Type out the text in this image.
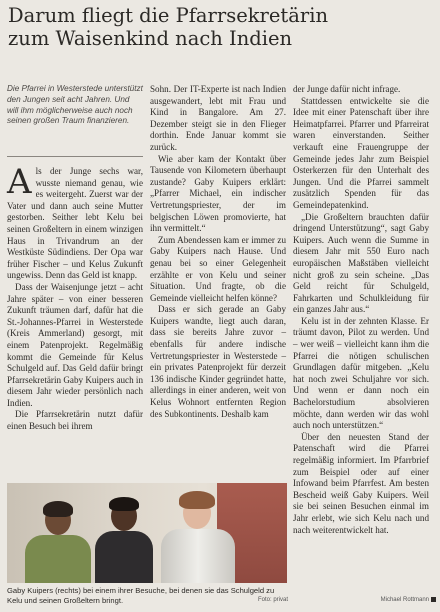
Darum fliegt die Pfarrsekretärin
zum Waisenkind nach Indien
Die Pfarrei in Westerstede unterstützt den Jungen seit acht Jahren. Und will ihm möglicherweise auch noch seinen großen Traum finanzieren.

Als der Junge sechs war, wusste niemand genau, wie es weitergeht. Zuerst war der Vater und dann auch seine Mutter gestorben. Seither lebt Kelu bei seinen Großeltern in einem winzigen Haus in Trivandrum an der Westküste Südindiens. Der Opa war früher Fischer – und Kelus Zukunft ungewiss. Denn das Geld ist knapp.

Dass der Waisenjunge jetzt – acht Jahre später – von einer besseren Zukunft träumen darf, dafür hat die St.-Johannes-Pfarrei in Westerstede (Kreis Ammerland) gesorgt, mit einem Patenprojekt. Regelmäßig kommt die Gemeinde für Kelus Schulgeld auf. Das Geld dafür bringt Pfarrsekretärin Gaby Kuipers auch in diesem Jahr wieder persönlich nach Indien.

Die Pfarrsekretärin nutzt dafür einen Besuch bei ihrem

Sohn. Der IT-Experte ist nach Indien ausgewandert, lebt mit Frau und Kind in Bangalore. Am 27. Dezember steigt sie in den Flieger dorthin. Ende Januar kommt sie zurück.

Wie aber kam der Kontakt über Tausende von Kilometern überhaupt zustande? Gaby Kuipers erklärt: „Pfarrer Michael, ein indischer Vertretungspriester, der im belgischen Löwen promovierte, hat ihn vermittelt.“

Zum Abendessen kam er immer zu Gaby Kuipers nach Hause. Und genau bei so einer Gelegenheit erzählte er von Kelu und seiner Situation. Und fragte, ob die Gemeinde vielleicht helfen könne?

Dass er sich gerade an Gaby Kuipers wandte, liegt auch daran, dass sie bereits Jahre zuvor – ebenfalls für andere indische Vertretungspriester in Westerstede – ein privates Patenprojekt für derzeit 136 indische Kinder gegründet hatte, allerdings in einer anderen, weit von Kelus Wohnort entfernten Region des Subkontinents. Deshalb kam

der Junge dafür nicht infrage.

Stattdessen entwickelte sie die Idee mit einer Patenschaft über ihre Heimatpfarrei. Pfarrer und Pfarreirat waren einverstanden. Seither verkauft eine Frauengruppe der Gemeinde jedes Jahr zum Beispiel Osterkerzen für den Unterhalt des Jungen. Und die Pfarrei sammelt zusätzlich Spenden für das Gemeindepatenkind.

„Die Großeltern brauchten dafür dringend Unterstützung“, sagt Gaby Kuipers. Auch wenn die Summe in diesem Jahr mit 550 Euro nach europäischen Maßstäben vielleicht nicht groß zu sein scheine. „Das Geld reicht für Schulgeld, Fahrkarten und Schulkleidung für ein ganzes Jahr aus.“

Kelu ist in der zehnten Klasse. Er träumt davon, Pilot zu werden. Und – wer weiß – vielleicht kann ihm die Pfarrei die nötigen schulischen Grundlagen dafür mitgeben. „Kelu hat noch zwei Schuljahre vor sich. Und wenn er dann noch ein Bachelorstudium absolvieren möchte, dann werden wir das wohl auch noch unterstützen.“

Über den neuesten Stand der Patenschaft wird die Pfarrei regelmäßig informiert. Im Pfarrbrief zum Beispiel oder auf einer Infowand beim Pfarrfest. Am besten Bescheid weiß Gaby Kuipers. Weil sie bei seinen Besuchen einmal im Jahr erlebt, wie sich Kelu nach und nach weiterentwickelt hat.

Gaby Kuipers (rechts) bei einem ihrer Besuche, bei denen sie das Schulgeld zu Kelu und seinen Großeltern bringt.	Foto: privat	Michael Rottmann
